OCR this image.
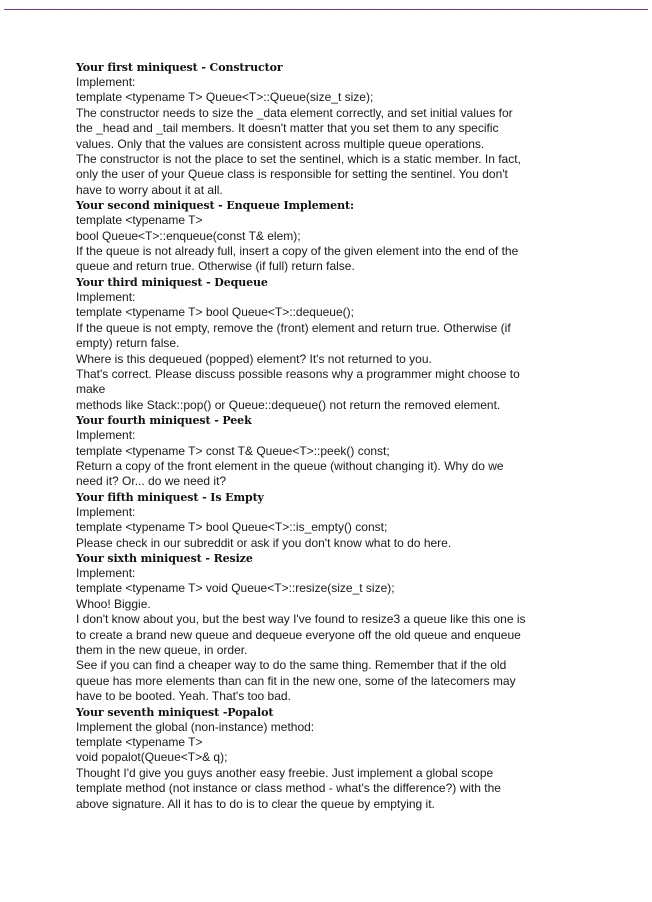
Your first miniquest - Constructor
Implement:
template <typename T> Queue<T>::Queue(size_t size);
The constructor needs to size the _data element correctly, and set initial values for
the _head and _tail members. It doesn't matter that you set them to any specific
values. Only that the values are consistent across multiple queue operations.
The constructor is not the place to set the sentinel, which is a static member. In fact,
only the user of your Queue class is responsible for setting the sentinel. You don't
have to worry about it at all.
Your second miniquest - Enqueue Implement:
template <typename T>
bool Queue<T>::enqueue(const T& elem);
If the queue is not already full, insert a copy of the given element into the end of the
queue and return true. Otherwise (if full) return false.
Your third miniquest - Dequeue
Implement:
template <typename T> bool Queue<T>::dequeue();
If the queue is not empty, remove the (front) element and return true. Otherwise (if
empty) return false.
Where is this dequeued (popped) element? It's not returned to you.
That's correct. Please discuss possible reasons why a programmer might choose to
make
methods like Stack::pop() or Queue::dequeue() not return the removed element.
Your fourth miniquest - Peek
Implement:
template <typename T> const T& Queue<T>::peek() const;
Return a copy of the front element in the queue (without changing it). Why do we
need it? Or... do we need it?
Your fifth miniquest - Is Empty
Implement:
template <typename T> bool Queue<T>::is_empty() const;
Please check in our subreddit or ask if you don't know what to do here.
Your sixth miniquest - Resize
Implement:
template <typename T> void Queue<T>::resize(size_t size);
Whoo! Biggie.
I don't know about you, but the best way I've found to resize3 a queue like this one is
to create a brand new queue and dequeue everyone off the old queue and enqueue
them in the new queue, in order.
See if you can find a cheaper way to do the same thing. Remember that if the old
queue has more elements than can fit in the new one, some of the latecomers may
have to be booted. Yeah. That's too bad.
Your seventh miniquest -Popalot
Implement the global (non-instance) method:
template <typename T>
void popalot(Queue<T>& q);
Thought I'd give you guys another easy freebie. Just implement a global scope
template method (not instance or class method - what's the difference?) with the
above signature. All it has to do is to clear the queue by emptying it.
